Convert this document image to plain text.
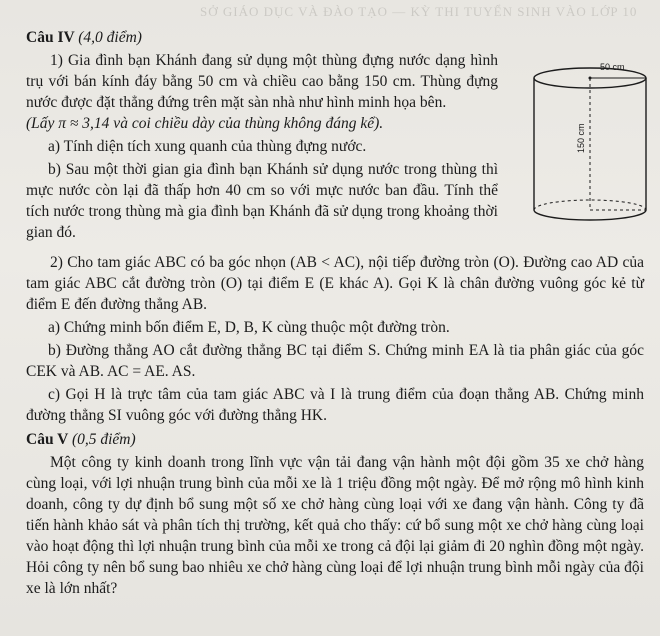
SỞ GIÁO DỤC VÀ ĐÀO TẠO — KỲ THI TUYỂN SINH VÀO LỚP 10
Câu IV (4,0 điểm)

1) Gia đình bạn Khánh đang sử dụng một thùng đựng nước dạng hình trụ với bán kính đáy bằng 50 cm và chiều cao bằng 150 cm. Thùng đựng nước được đặt thẳng đứng trên mặt sàn nhà như hình minh họa bên.

(Lấy π ≈ 3,14 và coi chiều dày của thùng không đáng kể).

a) Tính diện tích xung quanh của thùng đựng nước.

b) Sau một thời gian gia đình bạn Khánh sử dụng nước trong thùng thì mực nước còn lại đã thấp hơn 40 cm so với mực nước ban đầu. Tính thể tích nước trong thùng mà gia đình bạn Khánh đã sử dụng trong khoảng thời gian đó.

50 cm
150 cm

2) Cho tam giác ABC có ba góc nhọn (AB < AC), nội tiếp đường tròn (O). Đường cao AD của tam giác ABC cắt đường tròn (O) tại điểm E (E khác A). Gọi K là chân đường vuông góc kẻ từ điểm E đến đường thẳng AB.

a) Chứng minh bốn điểm E, D, B, K cùng thuộc một đường tròn.

b) Đường thẳng AO cắt đường thẳng BC tại điểm S. Chứng minh EA là tia phân giác của góc CEK và AB. AC = AE. AS.

c) Gọi H là trực tâm của tam giác ABC và I là trung điểm của đoạn thẳng AB. Chứng minh đường thẳng SI vuông góc với đường thẳng HK.

Câu V (0,5 điểm)

Một công ty kinh doanh trong lĩnh vực vận tải đang vận hành một đội gồm 35 xe chở hàng cùng loại, với lợi nhuận trung bình của mỗi xe là 1 triệu đồng một ngày. Để mở rộng mô hình kinh doanh, công ty dự định bổ sung một số xe chở hàng cùng loại với xe đang vận hành. Công ty đã tiến hành khảo sát và phân tích thị trường, kết quả cho thấy: cứ bổ sung một xe chở hàng cùng loại vào hoạt động thì lợi nhuận trung bình của mỗi xe trong cả đội lại giảm đi 20 nghìn đồng một ngày. Hỏi công ty nên bổ sung bao nhiêu xe chở hàng cùng loại để lợi nhuận trung bình mỗi ngày của đội xe là lớn nhất?
